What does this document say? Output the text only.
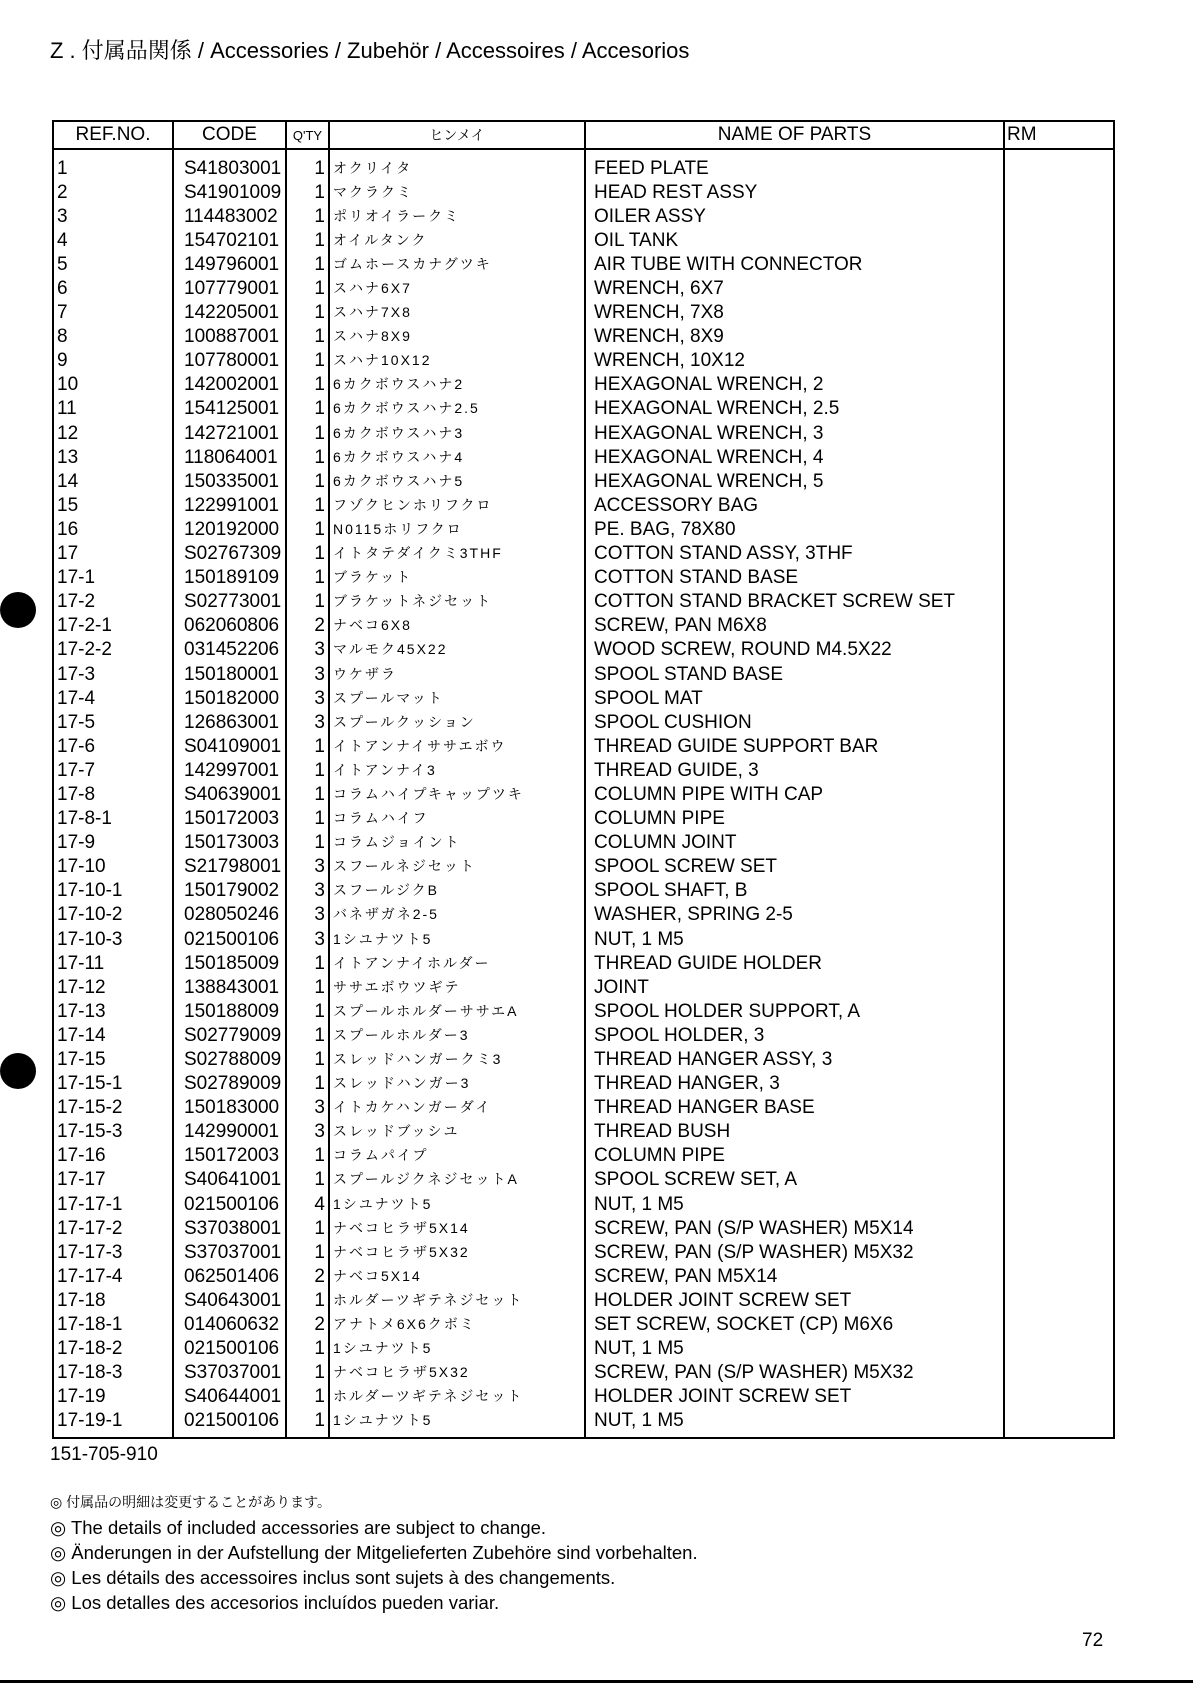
Z . 付属品関係 / Accessories / Zubehör / Accessoires / Accesorios
REF.NO.	CODE	Q'TY	ヒンメイ	NAME OF PARTS	RM
1	S41803001	1	オクリイタ	FEED PLATE	
2	S41901009	1	マクラクミ	HEAD REST ASSY	
3	114483002	1	ポリオイラークミ	OILER ASSY	
4	154702101	1	オイルタンク	OIL TANK	
5	149796001	1	ゴムホースカナグツキ	AIR TUBE WITH CONNECTOR	
6	107779001	1	スハナ6X7	WRENCH, 6X7	
7	142205001	1	スハナ7X8	WRENCH, 7X8	
8	100887001	1	スハナ8X9	WRENCH, 8X9	
9	107780001	1	スハナ10X12	WRENCH, 10X12	
10	142002001	1	6カクボウスハナ2	HEXAGONAL WRENCH, 2	
11	154125001	1	6カクボウスハナ2.5	HEXAGONAL WRENCH, 2.5	
12	142721001	1	6カクボウスハナ3	HEXAGONAL WRENCH, 3	
13	118064001	1	6カクボウスハナ4	HEXAGONAL WRENCH, 4	
14	150335001	1	6カクボウスハナ5	HEXAGONAL WRENCH, 5	
15	122991001	1	フゾクヒンホリフクロ	ACCESSORY BAG	
16	120192000	1	N0115ホリフクロ	PE. BAG, 78X80	
17	S02767309	1	イトタテダイクミ3THF	COTTON STAND ASSY, 3THF	
17-1	150189109	1	ブラケット	COTTON STAND BASE	
17-2	S02773001	1	ブラケットネジセット	COTTON STAND BRACKET SCREW SET	
17-2-1	062060806	2	ナベコ6X8	SCREW, PAN M6X8	
17-2-2	031452206	3	マルモク45X22	WOOD SCREW, ROUND M4.5X22	
17-3	150180001	3	ウケザラ	SPOOL STAND BASE	
17-4	150182000	3	スプールマット	SPOOL MAT	
17-5	126863001	3	スプールクッション	SPOOL CUSHION	
17-6	S04109001	1	イトアンナイササエボウ	THREAD GUIDE SUPPORT BAR	
17-7	142997001	1	イトアンナイ3	THREAD GUIDE, 3	
17-8	S40639001	1	コラムハイプキャップツキ	COLUMN PIPE WITH CAP	
17-8-1	150172003	1	コラムハイフ	COLUMN PIPE	
17-9	150173003	1	コラムジョイント	COLUMN JOINT	
17-10	S21798001	3	スフールネジセット	SPOOL SCREW SET	
17-10-1	150179002	3	スフールジクB	SPOOL SHAFT, B	
17-10-2	028050246	3	バネザガネ2-5	WASHER, SPRING 2-5	
17-10-3	021500106	3	1シユナツト5	NUT, 1 M5	
17-11	150185009	1	イトアンナイホルダー	THREAD GUIDE HOLDER	
17-12	138843001	1	ササエボウツギテ	JOINT	
17-13	150188009	1	スプールホルダーササエA	SPOOL HOLDER SUPPORT, A	
17-14	S02779009	1	スプールホルダー3	SPOOL HOLDER, 3	
17-15	S02788009	1	スレッドハンガークミ3	THREAD HANGER ASSY, 3	
17-15-1	S02789009	1	スレッドハンガー3	THREAD HANGER, 3	
17-15-2	150183000	3	イトカケハンガーダイ	THREAD HANGER BASE	
17-15-3	142990001	3	スレッドブッシユ	THREAD BUSH	
17-16	150172003	1	コラムパイプ	COLUMN PIPE	
17-17	S40641001	1	スプールジクネジセットA	SPOOL SCREW SET, A	
17-17-1	021500106	4	1シユナツト5	NUT, 1 M5	
17-17-2	S37038001	1	ナベコヒラザ5X14	SCREW, PAN (S/P WASHER) M5X14	
17-17-3	S37037001	1	ナベコヒラザ5X32	SCREW, PAN (S/P WASHER) M5X32	
17-17-4	062501406	2	ナベコ5X14	SCREW, PAN M5X14	
17-18	S40643001	1	ホルダーツギテネジセット	HOLDER JOINT SCREW SET	
17-18-1	014060632	2	アナトメ6X6クボミ	SET SCREW, SOCKET (CP) M6X6	
17-18-2	021500106	1	1シユナツト5	NUT, 1 M5	
17-18-3	S37037001	1	ナベコヒラザ5X32	SCREW, PAN (S/P WASHER) M5X32	
17-19	S40644001	1	ホルダーツギテネジセット	HOLDER JOINT SCREW SET	
17-19-1	021500106	1	1シユナツト5	NUT, 1 M5	
151-705-910
◎ 付属品の明細は変更することがあります。
◎ The details of included accessories are subject to change.
◎ Änderungen in der Aufstellung der Mitgelieferten Zubehöre sind vorbehalten.
◎ Les détails des accessoires inclus sont sujets à des changements.
◎ Los detalles des accesorios incluídos pueden variar.
72
